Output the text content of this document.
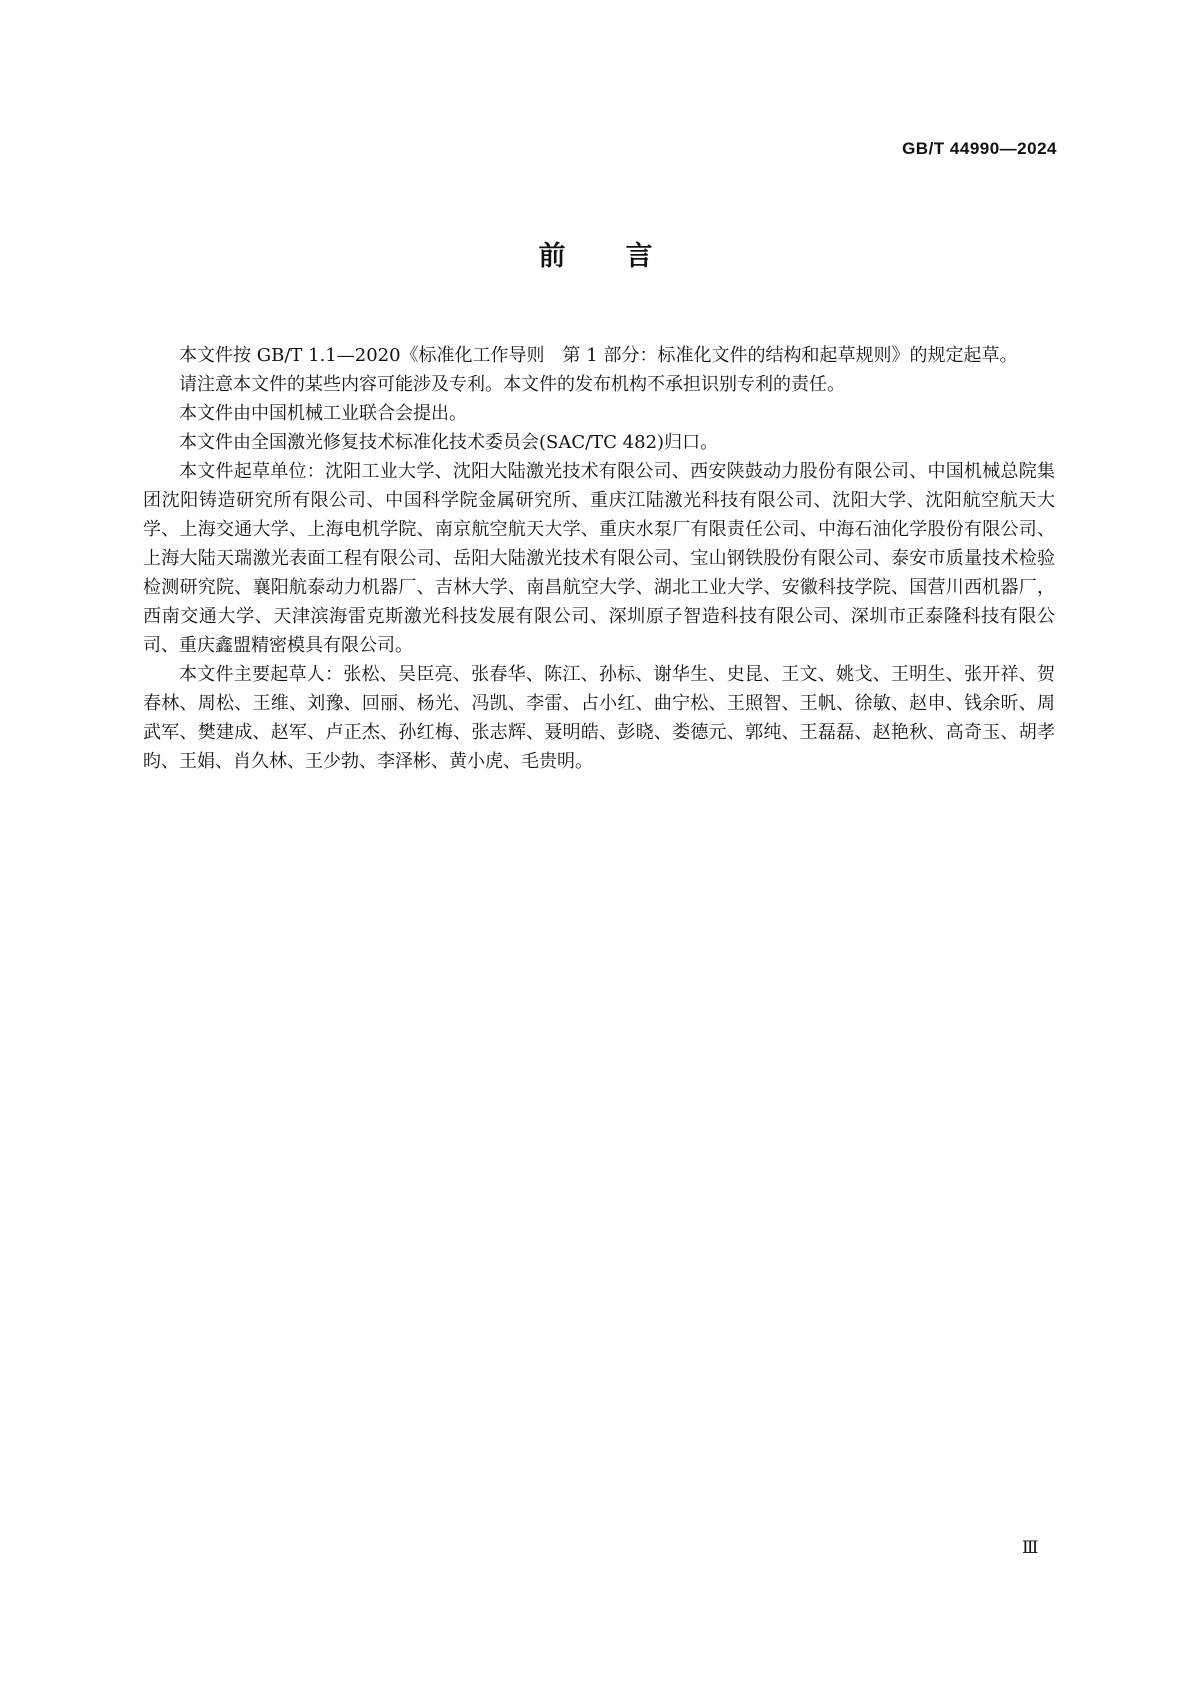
GB/T 44990—2024
前言

本文件按 GB/T 1.1—2020《标准化工作导则　第 1 部分：标准化文件的结构和起草规则》的规定起草。

请注意本文件的某些内容可能涉及专利。本文件的发布机构不承担识别专利的责任。

本文件由中国机械工业联合会提出。

本文件由全国激光修复技术标准化技术委员会(SAC/TC 482)归口。

本文件起草单位：沈阳工业大学、沈阳大陆激光技术有限公司、西安陕鼓动力股份有限公司、中国机械总院集团沈阳铸造研究所有限公司、中国科学院金属研究所、重庆江陆激光科技有限公司、沈阳大学、沈阳航空航天大学、上海交通大学、上海电机学院、南京航空航天大学、重庆水泵厂有限责任公司、中海石油化学股份有限公司、上海大陆天瑞激光表面工程有限公司、岳阳大陆激光技术有限公司、宝山钢铁股份有限公司、泰安市质量技术检验检测研究院、襄阳航泰动力机器厂、吉林大学、南昌航空大学、湖北工业大学、安徽科技学院、国营川西机器厂，西南交通大学、天津滨海雷克斯激光科技发展有限公司、深圳原子智造科技有限公司、深圳市正泰隆科技有限公司、重庆鑫盟精密模具有限公司。

本文件主要起草人：张松、吴臣亮、张春华、陈江、孙标、谢华生、史昆、王文、姚戈、王明生、张开祥、贺春林、周松、王维、刘豫、回丽、杨光、冯凯、李雷、占小红、曲宁松、王照智、王帆、徐敏、赵申、钱余昕、周武军、樊建成、赵军、卢正杰、孙红梅、张志辉、聂明皓、彭晓、娄德元、郭纯、王磊磊、赵艳秋、高奇玉、胡孝昀、王娟、肖久林、王少勃、李泽彬、黄小虎、毛贵明。

Ⅲ
